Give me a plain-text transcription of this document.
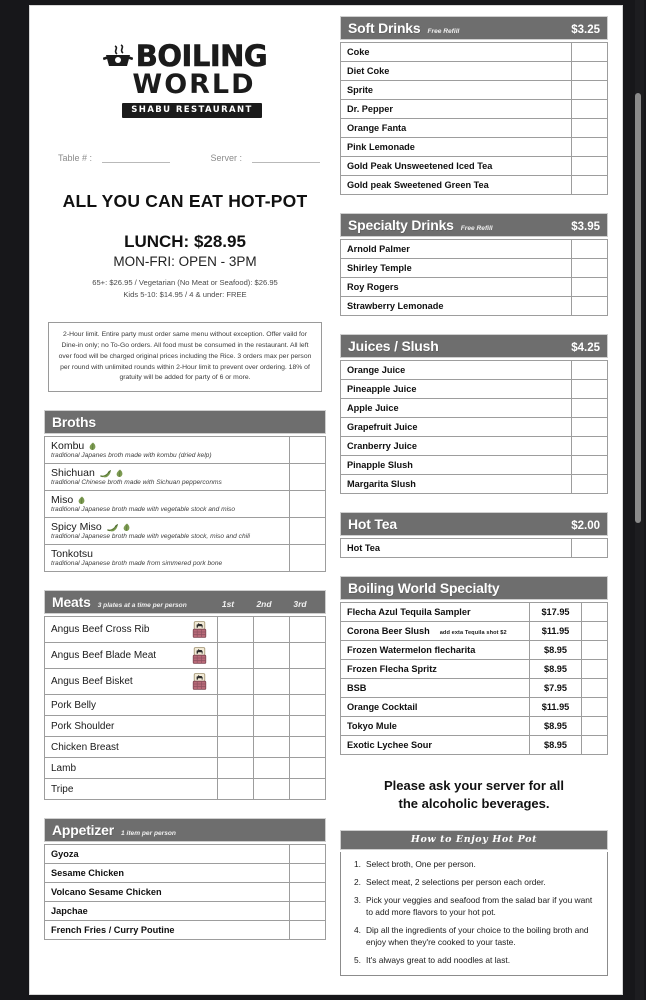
BOILING
WORLD
SHABU RESTAURANT
Table # :	Server :
ALL YOU CAN EAT HOT-POT
LUNCH: $28.95
MON-FRI: OPEN - 3PM
65+: $26.95 / Vegetarian (No Meat or Seafood): $26.95
Kids 5-10: $14.95 / 4 & under: FREE
2-Hour limit. Entire party must order same menu without exception. Offer vaild for Dine-in only; no To-Go orders. All food must be consumed in the restaurant. All left over food will be charged original prices including the Rice. 3 orders max per person per round with unlimited rounds within 2-Hour limit to prevent over ordering. 18% of gratuity will be added for party of 6 or more.
Broths
Kombu
traditional Japanes broth made with kombu (dried kelp)	

Shichuan
traditional Chinese broth made with Sichuan pepperconms	

Miso
traditional Japanese broth made with vegetable stock and miso	

Spicy Miso
traditional Japanese broth made with vegetable stock, miso and chili	

Tonkotsu
traditional Japanese broth made from simmered pork bone	

Meats 3 plates at a time per person	1st	2nd	3rd
Angus Beef Cross Rib			

Angus Beef Blade Meat			

Angus Beef Bisket			

Pork Belly			

Pork Shoulder			

Chicken Breast			

Lamb			

Tripe			

Appetizer 1 item per person
Gyoza	
Sesame Chicken	
Volcano Sesame Chicken	
Japchae	
French Fries / Curry Poutine	
Soft Drinks Free Refill	$3.25
Coke	
Diet Coke	
Sprite	
Dr. Pepper	
Orange Fanta	
Pink Lemonade	
Gold Peak Unsweetened Iced Tea	
Gold peak Sweetened Green Tea	
Specialty Drinks Free Refill	$3.95
Arnold Palmer	
Shirley Temple	
Roy Rogers	
Strawberry Lemonade	
Juices / Slush	$4.25
Orange Juice	
Pineapple Juice	
Apple Juice	
Grapefruit Juice	
Cranberry Juice	
Pinapple Slush	
Margarita Slush	
Hot Tea	$2.00
Hot Tea	
Boiling World Specialty
Flecha Azul Tequila Sampler	$17.95	

Corona Beer Slush add exta Tequila shot $2	$11.95	

Frozen Watermelon flecharita	$8.95	

Frozen Flecha Spritz	$8.95	

BSB	$7.95	

Orange Cocktail	$11.95	

Tokyo Mule	$8.95	

Exotic Lychee Sour	$8.95	
Please ask your server for all
the alcoholic beverages.
How to Enjoy Hot Pot
1. Select broth, One per person.
2. Select meat, 2 selections per person each order.
3. Pick your veggies and seafood from the salad bar if you want to add more flavors to your hot pot.
4. Dip all the ingredients of your choice to the boiling broth and enjoy when they're cooked to your taste.
5. It's always great to add noodles at last.
